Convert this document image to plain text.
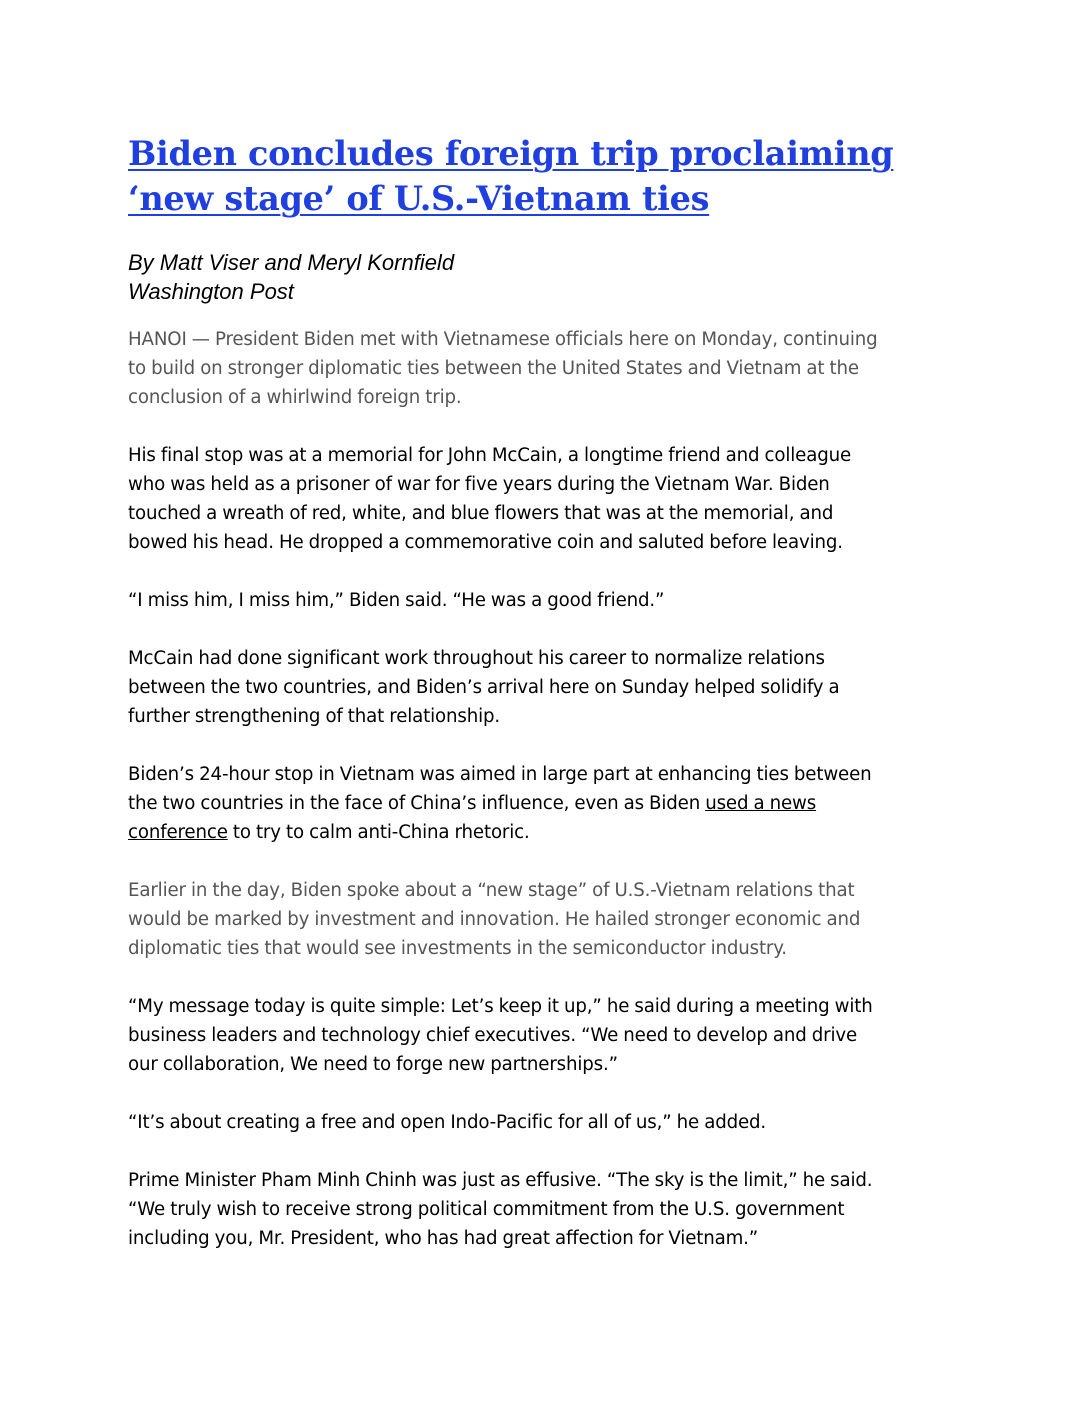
Biden concludes foreign trip proclaiming
‘new stage’ of U.S.-Vietnam ties
By Matt Viser and Meryl Kornfield
Washington Post

HANOI — President Biden met with Vietnamese officials here on Monday, continuing
to build on stronger diplomatic ties between the United States and Vietnam at the
conclusion of a whirlwind foreign trip.

His final stop was at a memorial for John McCain, a longtime friend and colleague
who was held as a prisoner of war for five years during the Vietnam War. Biden
touched a wreath of red, white, and blue flowers that was at the memorial, and
bowed his head. He dropped a commemorative coin and saluted before leaving.

“I miss him, I miss him,” Biden said. “He was a good friend.”

McCain had done significant work throughout his career to normalize relations
between the two countries, and Biden’s arrival here on Sunday helped solidify a
further strengthening of that relationship.

Biden’s 24-hour stop in Vietnam was aimed in large part at enhancing ties between
the two countries in the face of China’s influence, even as Biden used a news
conference to try to calm anti-China rhetoric.

Earlier in the day, Biden spoke about a “new stage” of U.S.-Vietnam relations that
would be marked by investment and innovation. He hailed stronger economic and
diplomatic ties that would see investments in the semiconductor industry.

“My message today is quite simple: Let’s keep it up,” he said during a meeting with
business leaders and technology chief executives. “We need to develop and drive
our collaboration, We need to forge new partnerships.”

“It’s about creating a free and open Indo-Pacific for all of us,” he added.

Prime Minister Pham Minh Chinh was just as effusive. “The sky is the limit,” he said.
“We truly wish to receive strong political commitment from the U.S. government
including you, Mr. President, who has had great affection for Vietnam.”
